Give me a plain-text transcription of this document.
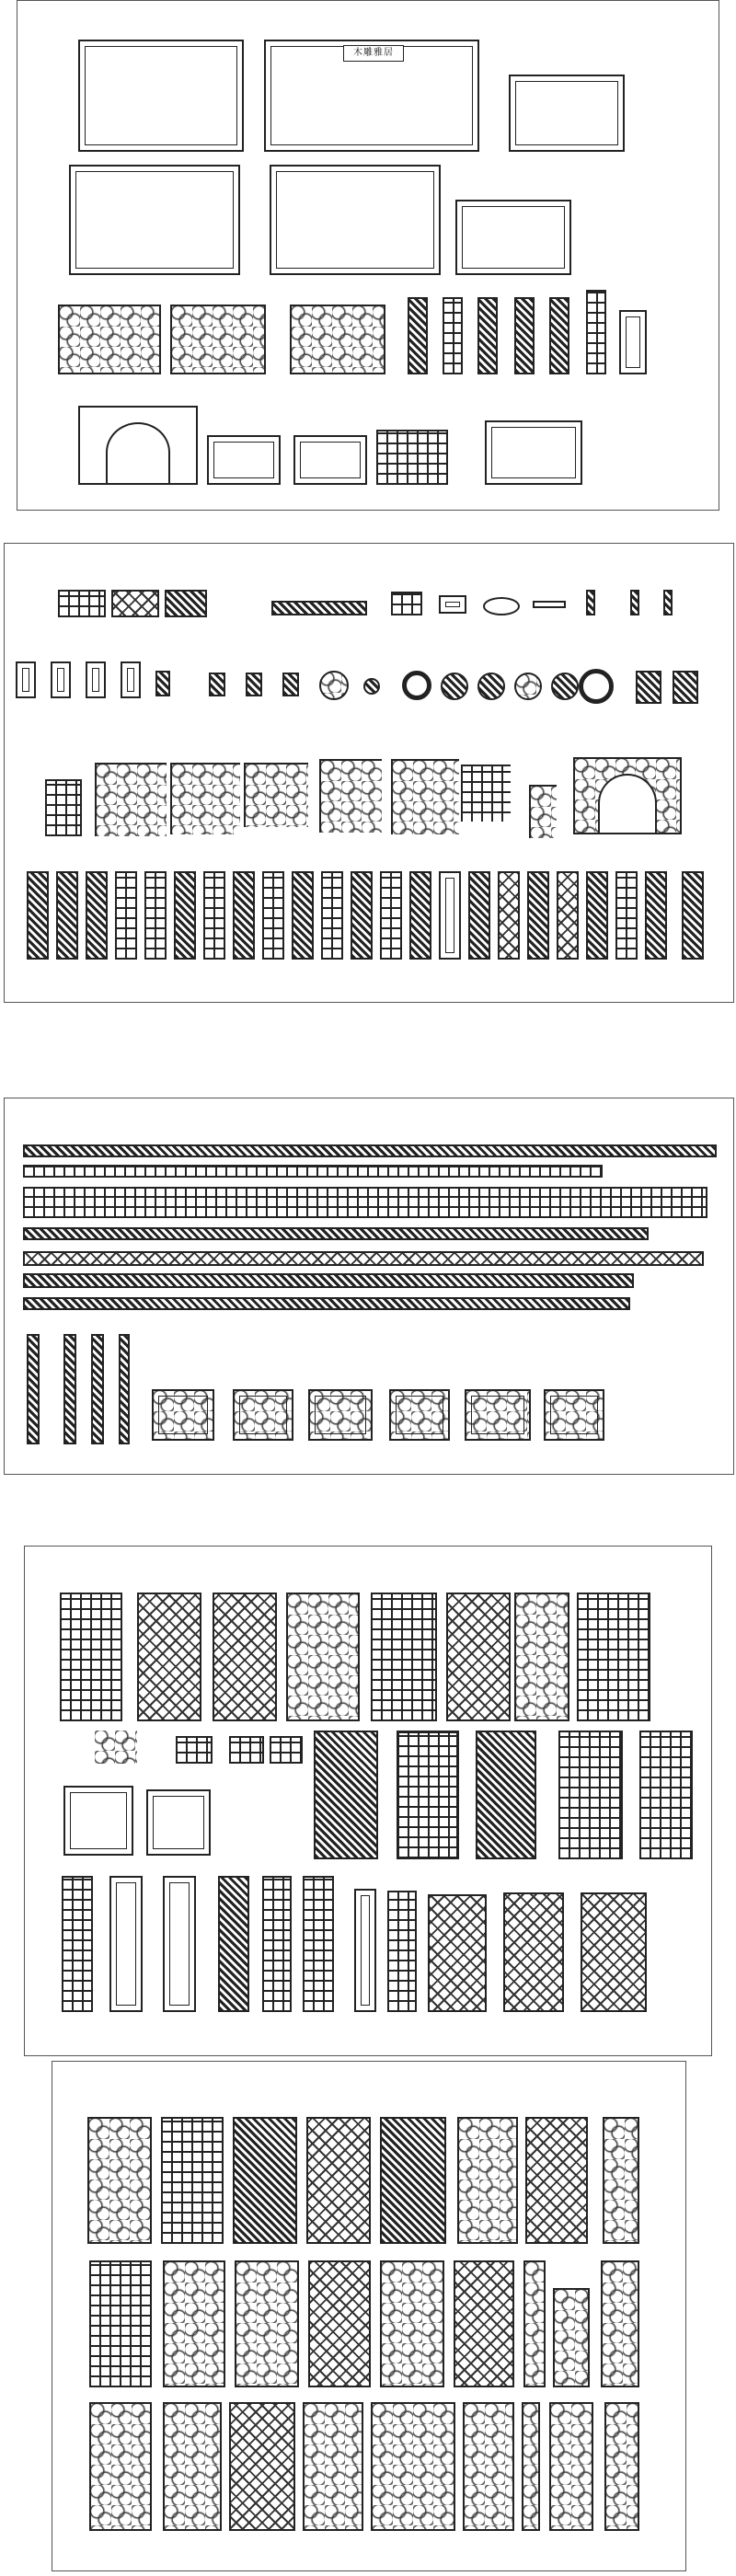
木雕雅居
